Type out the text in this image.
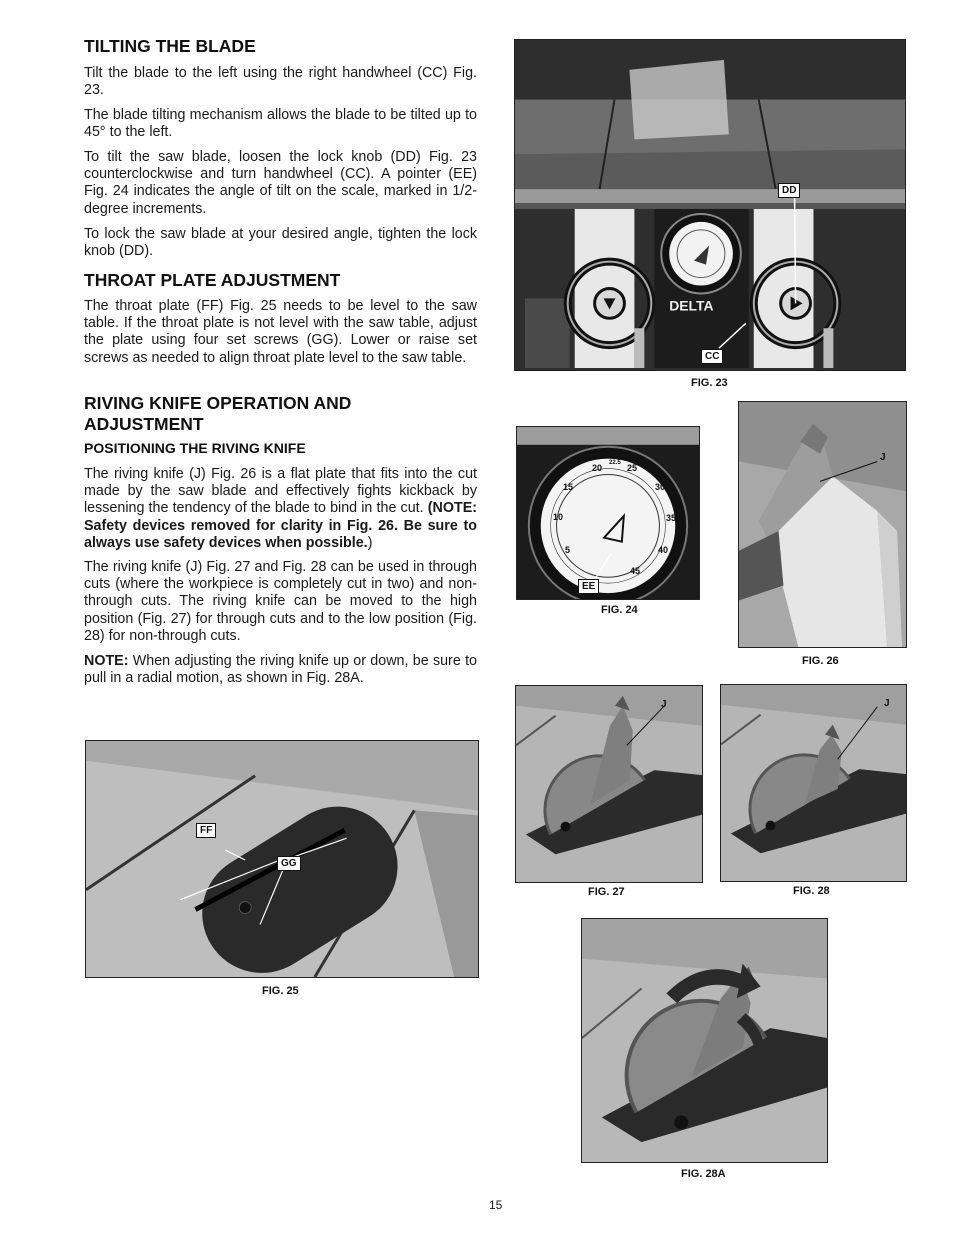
TILTING THE BLADE

Tilt the blade to the left using the right handwheel (CC) Fig. 23.

The blade tilting mechanism allows the blade to be tilted up to 45° to the left.

To tilt the saw blade, loosen the lock knob (DD) Fig. 23 counterclockwise and turn handwheel (CC). A pointer (EE) Fig. 24 indicates the angle of tilt on the scale, marked in 1/2-degree increments.

To lock the saw blade at your desired angle, tighten the lock knob (DD).

THROAT PLATE ADJUSTMENT

The throat plate (FF) Fig. 25 needs to be level to the saw table. If the throat plate is not level with the saw table, adjust the plate using four set screws (GG). Lower or raise set screws as needed to align throat plate level to the saw table.

RIVING KNIFE OPERATION AND
ADJUSTMENT
POSITIONING THE RIVING KNIFE

The riving knife (J) Fig. 26 is a flat plate that fits into the cut made by the saw blade and effectively fights kickback by lessening the tendency of the blade to bind in the cut. (NOTE: Safety devices removed for clarity in Fig. 26. Be sure to always use safety devices when possible.)

The riving knife (J) Fig. 27 and Fig. 28 can be used in through cuts (where the workpiece is completely cut in two) and non-through cuts. The riving knife can be moved to the high position (Fig. 27) for through cuts and to the low position (Fig. 28) for non-through cuts.

NOTE: When adjusting the riving knife up or down, be sure to pull in a radial motion, as shown in Fig. 28A.

DELTA
DD
CC
FIG. 23
5
10
15
20 22.5 25
30
35
40
45
EE
FIG. 24
J
FIG. 26
J
FIG. 27
J
FIG. 28
FF
GG
FIG. 25
FIG. 28A
15
